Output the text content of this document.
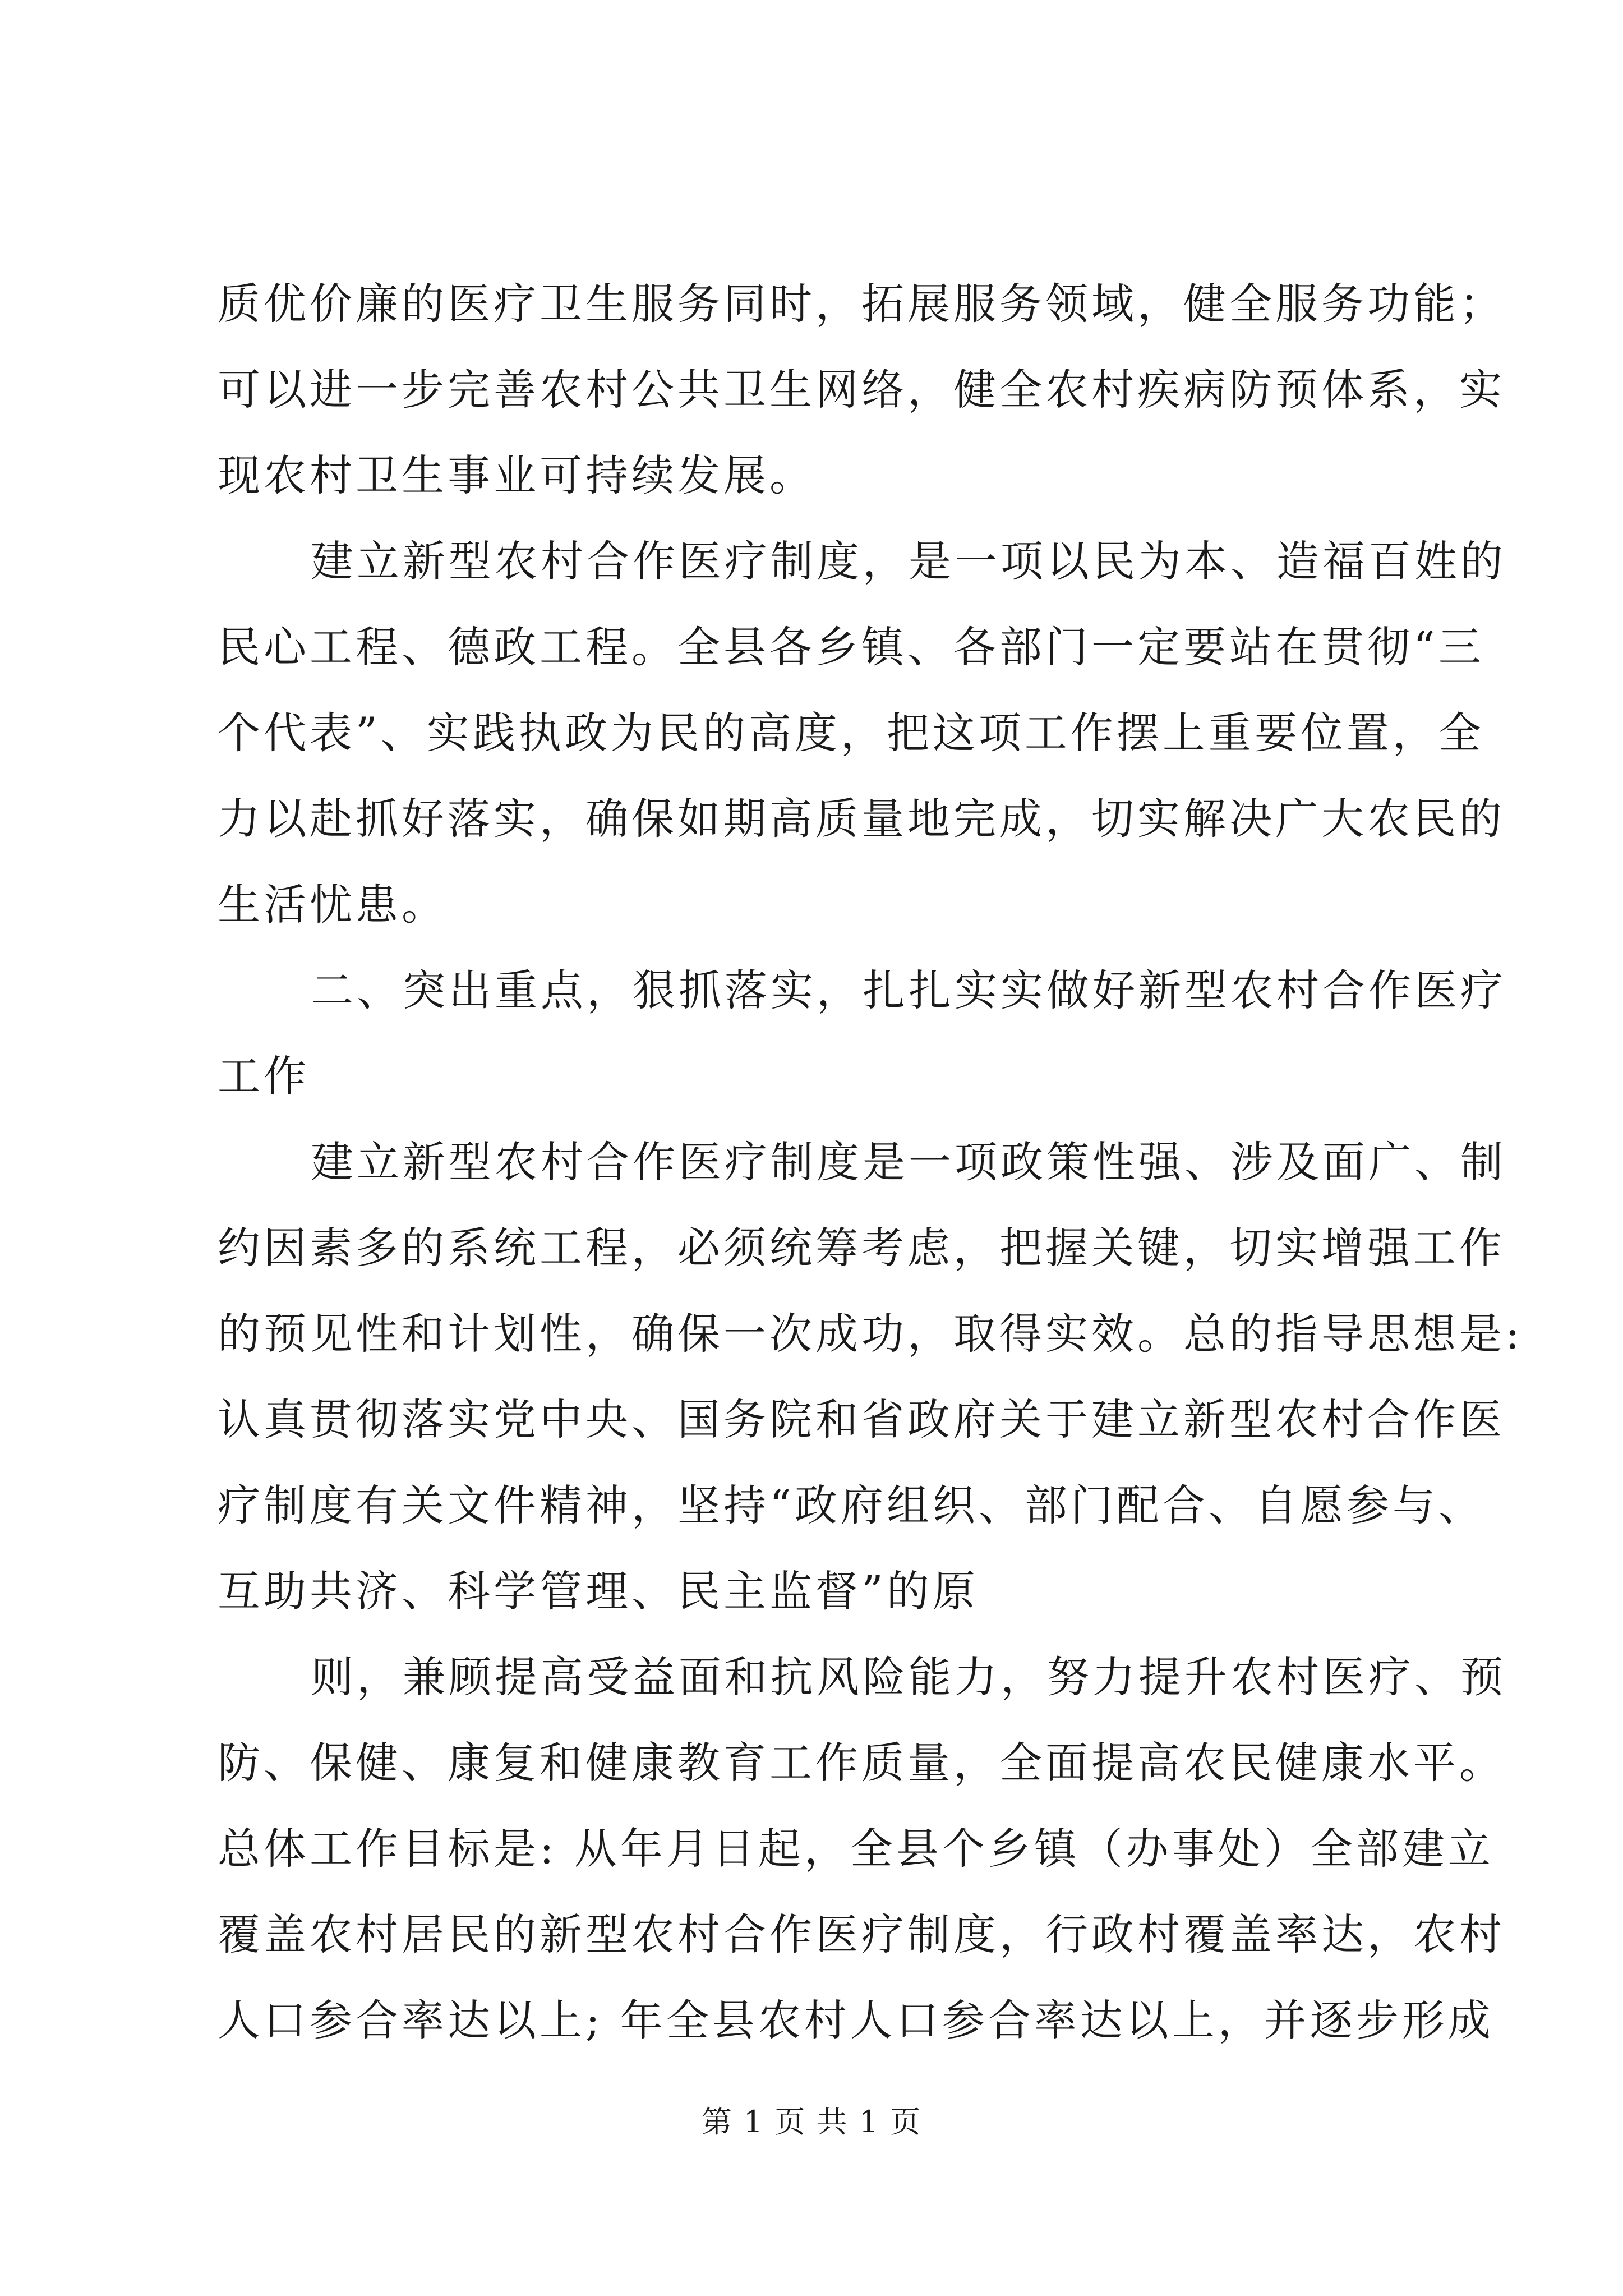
质优价廉的医疗卫生服务同时，拓展服务领域，健全服务功能；
可以进一步完善农村公共卫生网络，健全农村疾病防预体系，实
现农村卫生事业可持续发展。
建立新型农村合作医疗制度，是一项以民为本、造福百姓的
民心工程、德政工程。全县各乡镇、各部门一定要站在贯彻“三
个代表”、实践执政为民的高度，把这项工作摆上重要位置，全
力以赴抓好落实，确保如期高质量地完成，切实解决广大农民的
生活忧患。
二、突出重点，狠抓落实，扎扎实实做好新型农村合作医疗
工作
建立新型农村合作医疗制度是一项政策性强、涉及面广、制
约因素多的系统工程，必须统筹考虑，把握关键，切实增强工作
的预见性和计划性，确保一次成功，取得实效。总的指导思想是:
认真贯彻落实党中央、国务院和省政府关于建立新型农村合作医
疗制度有关文件精神，坚持“政府组织、部门配合、自愿参与、
互助共济、科学管理、民主监督”的原
则，兼顾提高受益面和抗风险能力，努力提升农村医疗、预
防、保健、康复和健康教育工作质量，全面提高农民健康水平。
总体工作目标是: 从年月日起，全县个乡镇（办事处）全部建立
覆盖农村居民的新型农村合作医疗制度，行政村覆盖率达，农村
人口参合率达以上; 年全县农村人口参合率达以上，并逐步形成
第 1 页 共 1 页
